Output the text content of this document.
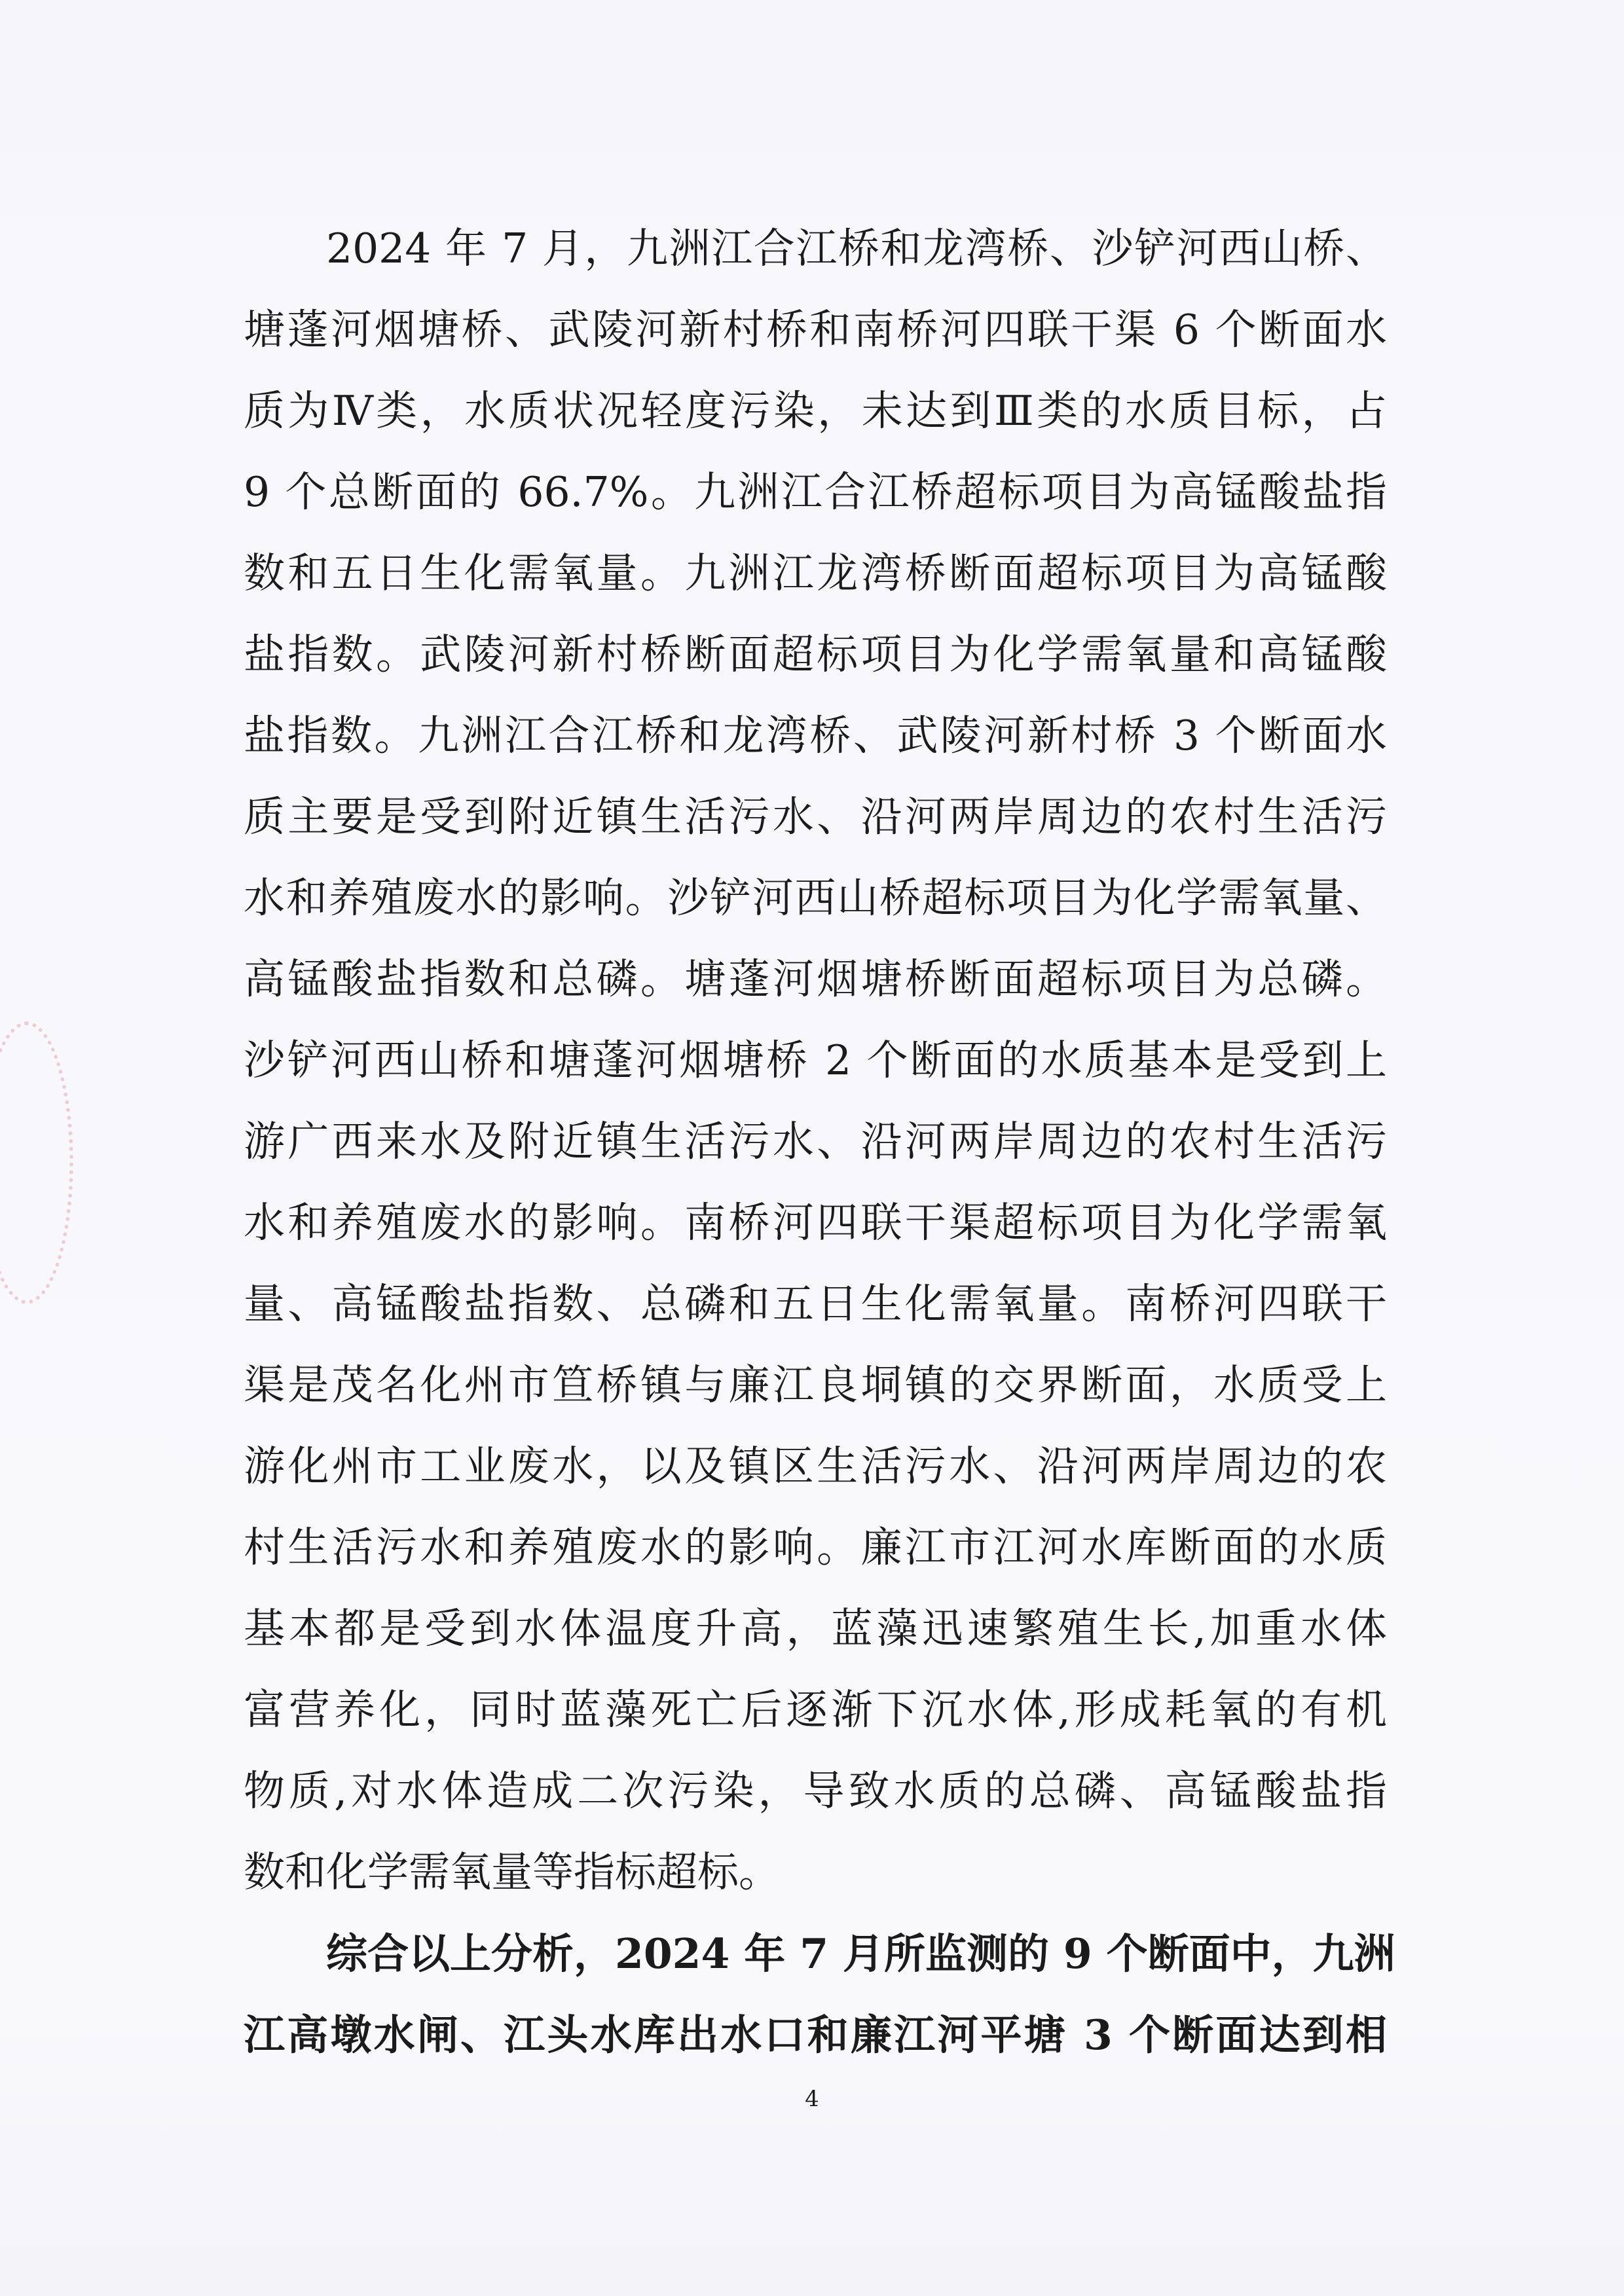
2024 年 7 月，九洲江合江桥和龙湾桥、沙铲河西山桥、
塘蓬河烟塘桥、武陵河新村桥和南桥河四联干渠 6 个断面水
质为Ⅳ类，水质状况轻度污染，未达到Ⅲ类的水质目标，占
9 个总断面的 66.7%。九洲江合江桥超标项目为高锰酸盐指
数和五日生化需氧量。九洲江龙湾桥断面超标项目为高锰酸
盐指数。武陵河新村桥断面超标项目为化学需氧量和高锰酸
盐指数。九洲江合江桥和龙湾桥、武陵河新村桥 3 个断面水
质主要是受到附近镇生活污水、沿河两岸周边的农村生活污
水和养殖废水的影响。沙铲河西山桥超标项目为化学需氧量、
高锰酸盐指数和总磷。塘蓬河烟塘桥断面超标项目为总磷。
沙铲河西山桥和塘蓬河烟塘桥 2 个断面的水质基本是受到上
游广西来水及附近镇生活污水、沿河两岸周边的农村生活污
水和养殖废水的影响。南桥河四联干渠超标项目为化学需氧
量、高锰酸盐指数、总磷和五日生化需氧量。南桥河四联干
渠是茂名化州市笪桥镇与廉江良垌镇的交界断面，水质受上
游化州市工业废水，以及镇区生活污水、沿河两岸周边的农
村生活污水和养殖废水的影响。廉江市江河水库断面的水质
基本都是受到水体温度升高，蓝藻迅速繁殖生长,加重水体
富营养化，同时蓝藻死亡后逐渐下沉水体,形成耗氧的有机
物质,对水体造成二次污染，导致水质的总磷、高锰酸盐指
数和化学需氧量等指标超标。
综合以上分析，2024 年 7 月所监测的 9 个断面中，九洲
江高墩水闸、江头水库出水口和廉江河平塘 3 个断面达到相
4
